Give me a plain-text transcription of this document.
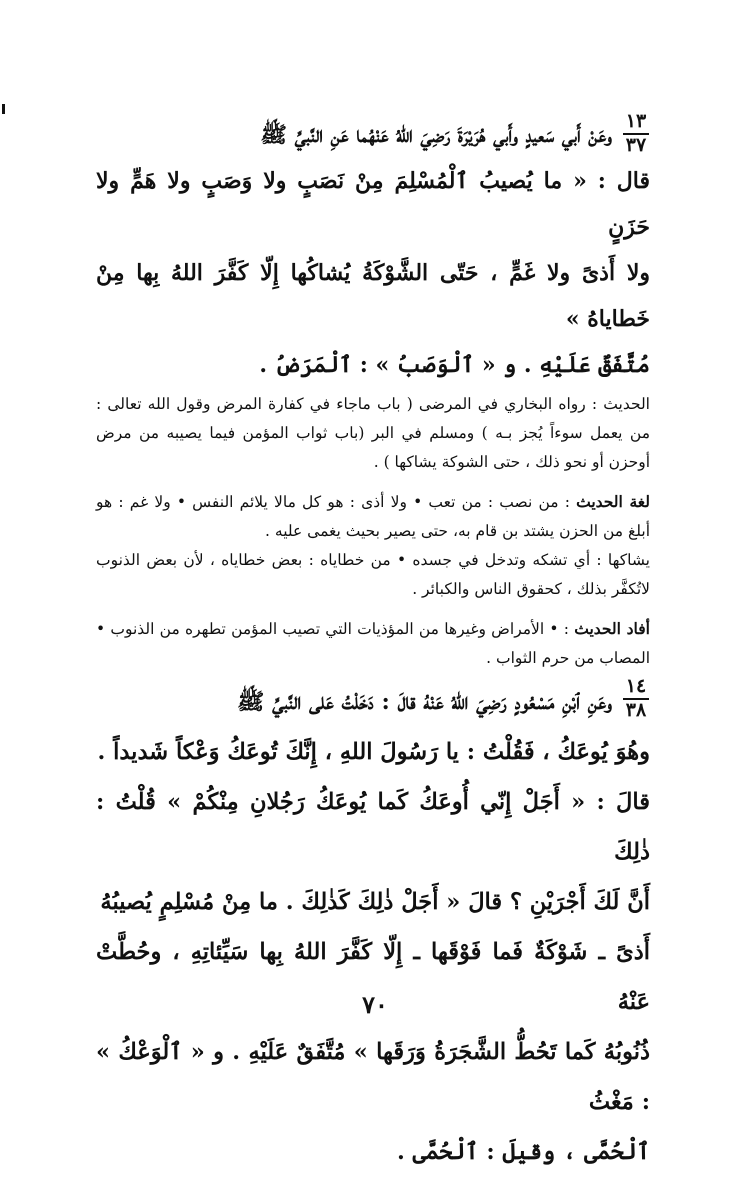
١٣
٣٧

وعَنْ أَبي سَعيدٍ وأَبي هُرَيْرَةَ رَضِيَ اللهُ عَنْهُما عَنِ النَّبيِّ ﷺ

قال : « ما يُصيبُ ٱلْمُسْلِمَ مِنْ نَصَبٍ ولا وَصَبٍ ولا هَمٍّ ولا حَزَنٍ

ولا أَذىً ولا غَمٍّ ، حَتّى الشَّوْكَةُ يُشاكُها إِلّا كَفَّرَ اللهُ بِها مِنْ خَطاياهُ »

مُتَّفَقٌ عَلَيْهِ . و « ٱلْوَصَبُ » : ٱلْمَرَضُ .

الحديث : رواه البخاري في المرضى ( باب ماجاء في كفارة المرض وقول الله تعالى : من يعمل سوءاً يُجز بـه ) ومسلم في البر (باب ثواب المؤمن فيما يصيبه من مرض أوحزن أو نحو ذلك ، حتى الشوكة يشاكها ) .

لغة الحديث : من نصب : من تعب • ولا أذى : هو كل مالا يلائم النفس • ولا غم : هو أبلغ من الحزن يشتد بن قام به، حتى يصير بحيث يغمى عليه .

يشاكها : أي تشكه وتدخل في جسده • من خطاياه : بعض خطاياه ، لأن بعض الذنوب لاتُكفَّر بذلك ، كحقوق الناس والكبائر .

أفاد الحديث : • الأمراض وغيرها من المؤذيات التي تصيب المؤمن تطهره من الذنوب • المصاب من حرم الثواب .

١٤
٣٨

وعَنِ ٱبْنِ مَسْعُودٍ رَضِيَ اللهُ عَنْهُ قالَ : دَخَلْتُ عَلى النَّبيِّ ﷺ

وهُوَ يُوعَكُ ، فَقُلْتُ : يا رَسُولَ اللهِ ، إِنَّكَ تُوعَكُ وَعْكاً شَديداً .

قالَ : « أَجَلْ إِنّي أُوعَكُ كَما يُوعَكُ رَجُلانِ مِنْكُمْ » قُلْتُ : ذٰلِكَ

أَنَّ لَكَ أَجْرَيْنِ ؟ قالَ « أَجَلْ ذٰلِكَ كَذٰلِكَ . ما مِنْ مُسْلِمٍ يُصيبُهُ

أَذىً ـ شَوْكَةٌ فَما فَوْقَها ـ إِلّا كَفَّرَ اللهُ بِها سَيِّئاتِهِ ، وحُطَّتْ عَنْهُ

ذُنُوبُهُ كَما تَحُطُّ الشَّجَرَةُ وَرَقَها » مُتَّفَقٌ عَلَيْهِ . و « ٱلْوَعْكُ » : مَغْثُ

ٱلْحُمَّى ، وقيلَ : ٱلْحُمَّى .

٧٠
